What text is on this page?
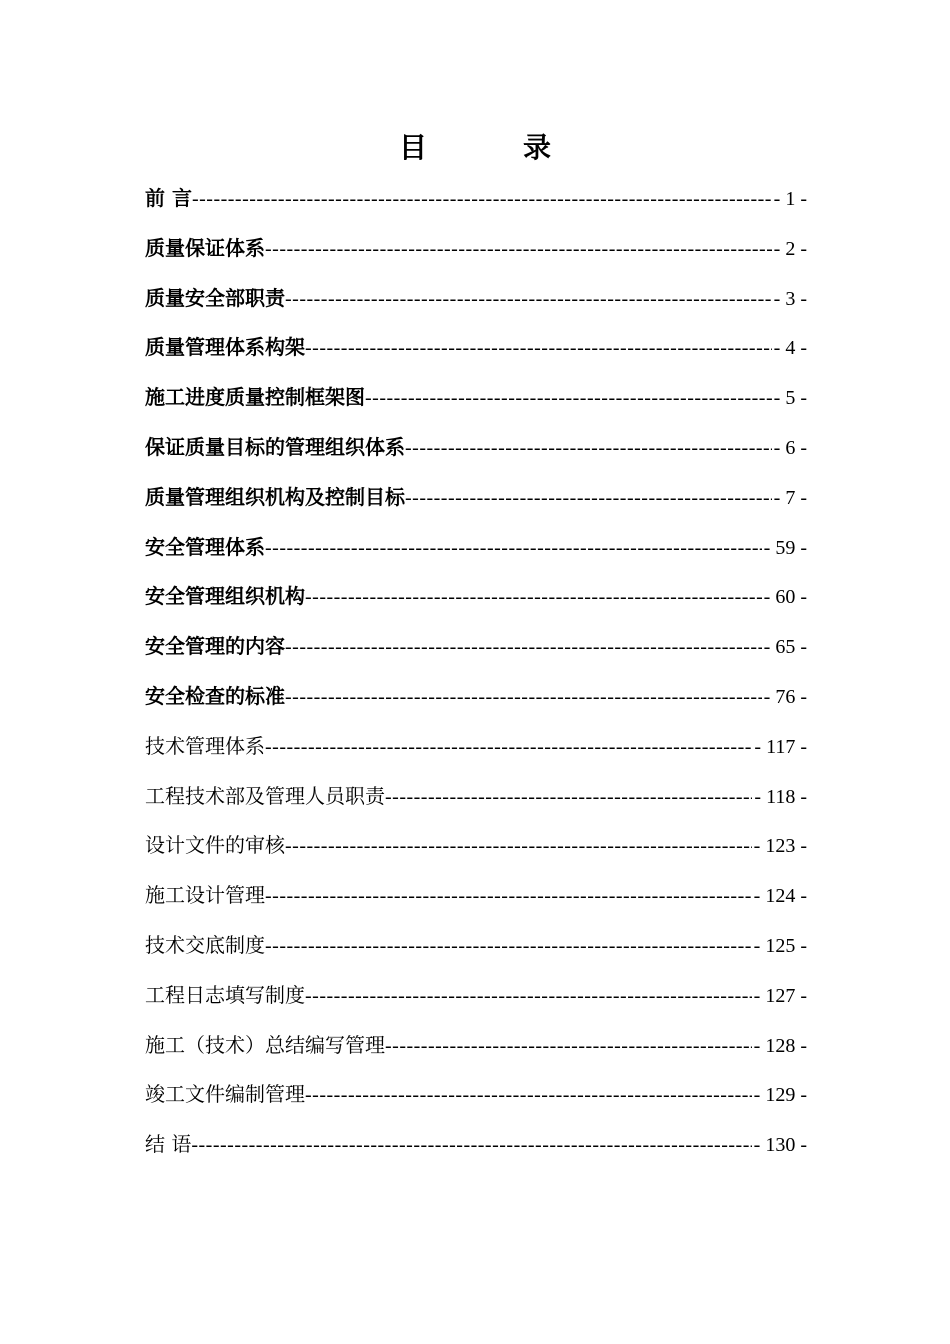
目　录
前 言 -----	- 1 -
质量保证体系 -----	- 2 -
质量安全部职责 -----	- 3 -
质量管理体系构架 -----	- 4 -
施工进度质量控制框架图 -----	- 5 -
保证质量目标的管理组织体系 -----	- 6 -
质量管理组织机构及控制目标 -----	- 7 -
安全管理体系 -----	- 59 -
安全管理组织机构 -----	- 60 -
安全管理的内容 -----	- 65 -
安全检查的标准 -----	- 76 -
技术管理体系 -----	- 117 -
工程技术部及管理人员职责 -----	- 118 -
设计文件的审核 -----	- 123 -
施工设计管理 -----	- 124 -
技术交底制度 -----	- 125 -
工程日志填写制度 -----	- 127 -
施工（技术）总结编写管理 -----	- 128 -
竣工文件编制管理 -----	- 129 -
结 语 -----	- 130 -
